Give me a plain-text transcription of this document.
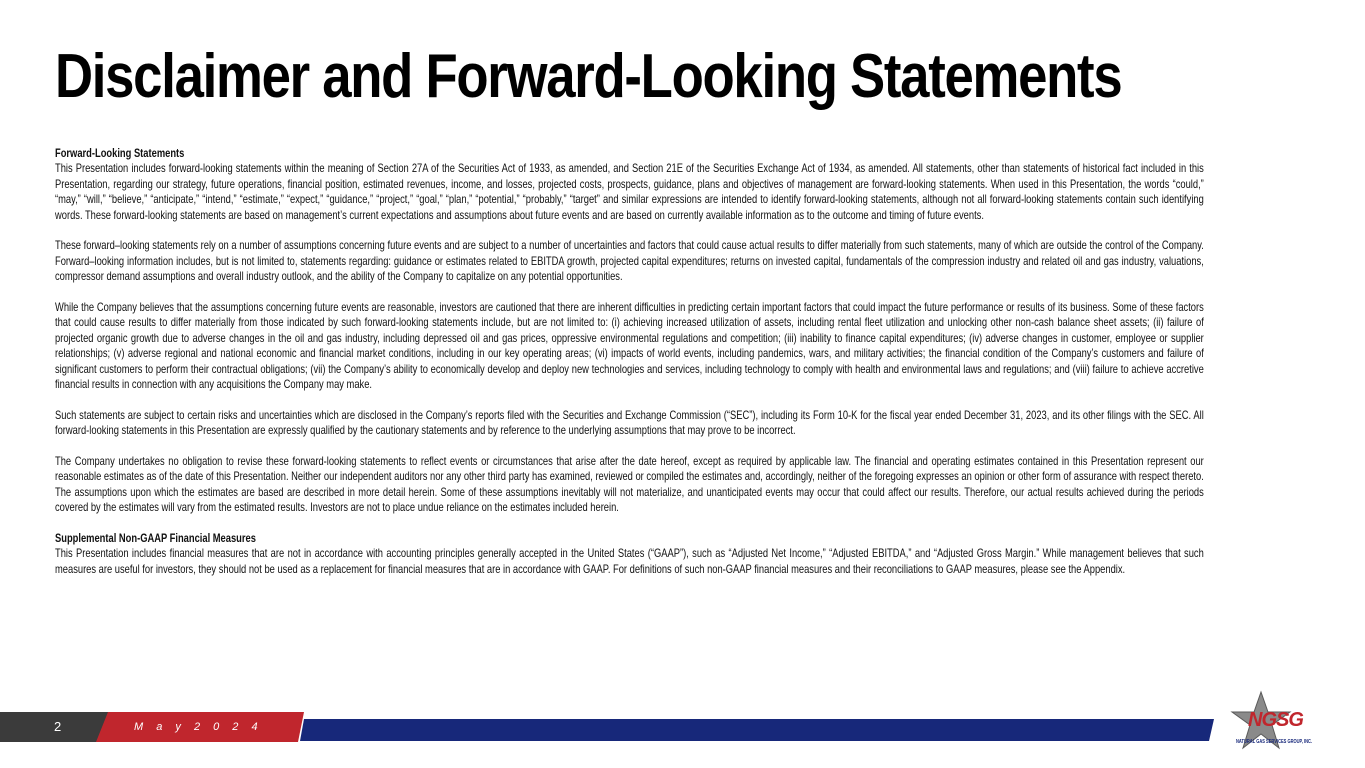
Disclaimer and Forward-Looking Statements
Forward-Looking Statements

This Presentation includes forward-looking statements within the meaning of Section 27A of the Securities Act of 1933, as amended, and Section 21E of the Securities Exchange Act of 1934, as amended. All statements, other than statements of historical fact included in this Presentation, regarding our strategy, future operations, financial position, estimated revenues, income, and losses, projected costs, prospects, guidance, plans and objectives of management are forward-looking statements. When used in this Presentation, the words “could,” “may,” “will,” “believe,” “anticipate,” “intend,” “estimate,” “expect,” “guidance,” “project,” “goal,” “plan,” “potential,” “probably,” “target” and similar expressions are intended to identify forward-looking statements, although not all forward-looking statements contain such identifying words. These forward-looking statements are based on management’s current expectations and assumptions about future events and are based on currently available information as to the outcome and timing of future events.

These forward–looking statements rely on a number of assumptions concerning future events and are subject to a number of uncertainties and factors that could cause actual results to differ materially from such statements, many of which are outside the control of the Company. Forward–looking information includes, but is not limited to, statements regarding: guidance or estimates related to EBITDA growth, projected capital expenditures; returns on invested capital, fundamentals of the compression industry and related oil and gas industry, valuations, compressor demand assumptions and overall industry outlook, and the ability of the Company to capitalize on any potential opportunities.

While the Company believes that the assumptions concerning future events are reasonable, investors are cautioned that there are inherent difficulties in predicting certain important factors that could impact the future performance or results of its business. Some of these factors that could cause results to differ materially from those indicated by such forward-looking statements include, but are not limited to: (i) achieving increased utilization of assets, including rental fleet utilization and unlocking other non-cash balance sheet assets; (ii) failure of projected organic growth due to adverse changes in the oil and gas industry, including depressed oil and gas prices, oppressive environmental regulations and competition; (iii) inability to finance capital expenditures; (iv) adverse changes in customer, employee or supplier relationships; (v) adverse regional and national economic and financial market conditions, including in our key operating areas; (vi) impacts of world events, including pandemics, wars, and military activities; the financial condition of the Company’s customers and failure of significant customers to perform their contractual obligations; (vii) the Company’s ability to economically develop and deploy new technologies and services, including technology to comply with health and environmental laws and regulations; and (viii) failure to achieve accretive financial results in connection with any acquisitions the Company may make.

Such statements are subject to certain risks and uncertainties which are disclosed in the Company’s reports filed with the Securities and Exchange Commission (“SEC”), including its Form 10-K for the fiscal year ended December 31, 2023, and its other filings with the SEC. All forward-looking statements in this Presentation are expressly qualified by the cautionary statements and by reference to the underlying assumptions that may prove to be incorrect.

The Company undertakes no obligation to revise these forward-looking statements to reflect events or circumstances that arise after the date hereof, except as required by applicable law. The financial and operating estimates contained in this Presentation represent our reasonable estimates as of the date of this Presentation. Neither our independent auditors nor any other third party has examined, reviewed or compiled the estimates and, accordingly, neither of the foregoing expresses an opinion or other form of assurance with respect thereto. The assumptions upon which the estimates are based are described in more detail herein. Some of these assumptions inevitably will not materialize, and unanticipated events may occur that could affect our results. Therefore, our actual results achieved during the periods covered by the estimates will vary from the estimated results. Investors are not to place undue reliance on the estimates included herein.

Supplemental Non-GAAP Financial Measures

This Presentation includes financial measures that are not in accordance with accounting principles generally accepted in the United States (“GAAP”), such as “Adjusted Net Income,” “Adjusted EBITDA,” and “Adjusted Gross Margin.” While management believes that such measures are useful for investors, they should not be used as a replacement for financial measures that are in accordance with GAAP. For definitions of such non-GAAP financial measures and their reconciliations to GAAP measures, please see the Appendix.

2	M a y 2 0 2 4	NGSG
NATURAL GAS SERVICES GROUP, INC.
